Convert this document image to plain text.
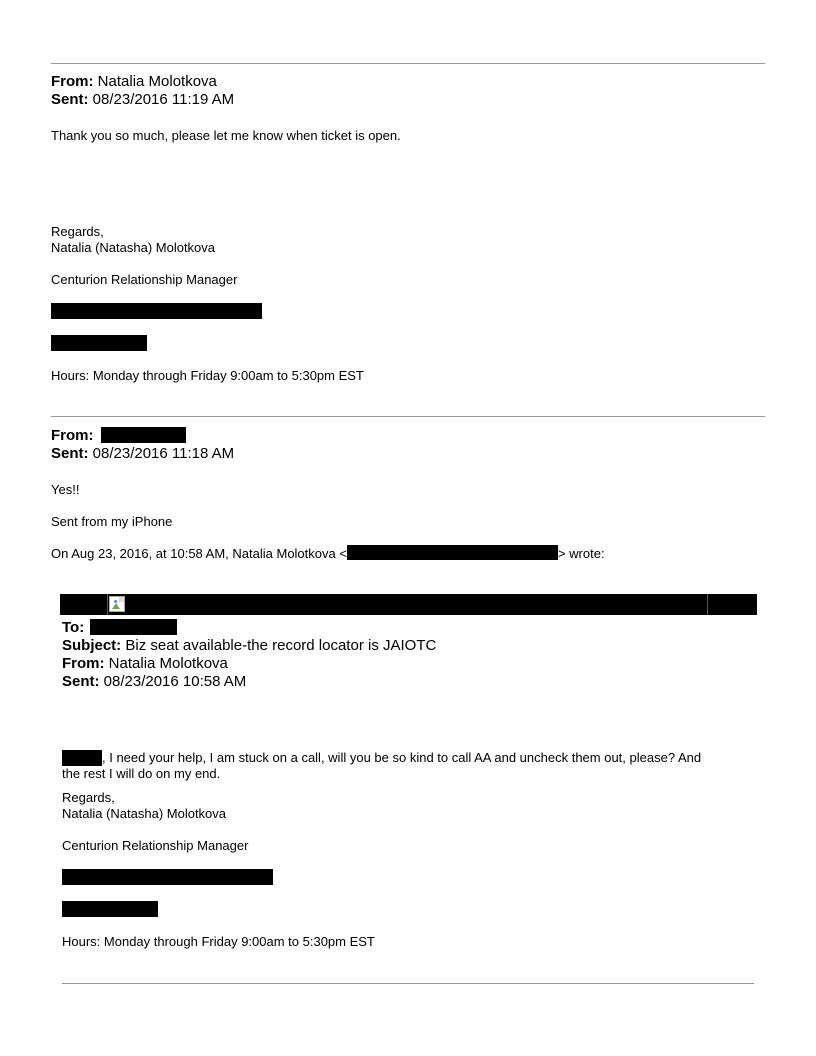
From: Natalia Molotkova
Sent: 08/23/2016 11:19 AM
Thank you so much, please let me know when ticket is open.
Regards,
Natalia (Natasha) Molotkova
Centurion Relationship Manager
Hours: Monday through Friday 9:00am to 5:30pm EST
From:
Sent: 08/23/2016 11:18 AM
Yes!!
Sent from my iPhone
On Aug 23, 2016, at 10:58 AM, Natalia Molotkova <	> wrote:
To:
Subject: Biz seat available-the record locator is JAIOTC
From: Natalia Molotkova
Sent: 08/23/2016 10:58 AM
, I need your help, I am stuck on a call, will you be so kind to call AA and uncheck them out, please? And
the rest I will do on my end.
Regards,
Natalia (Natasha) Molotkova
Centurion Relationship Manager
Hours: Monday through Friday 9:00am to 5:30pm EST
